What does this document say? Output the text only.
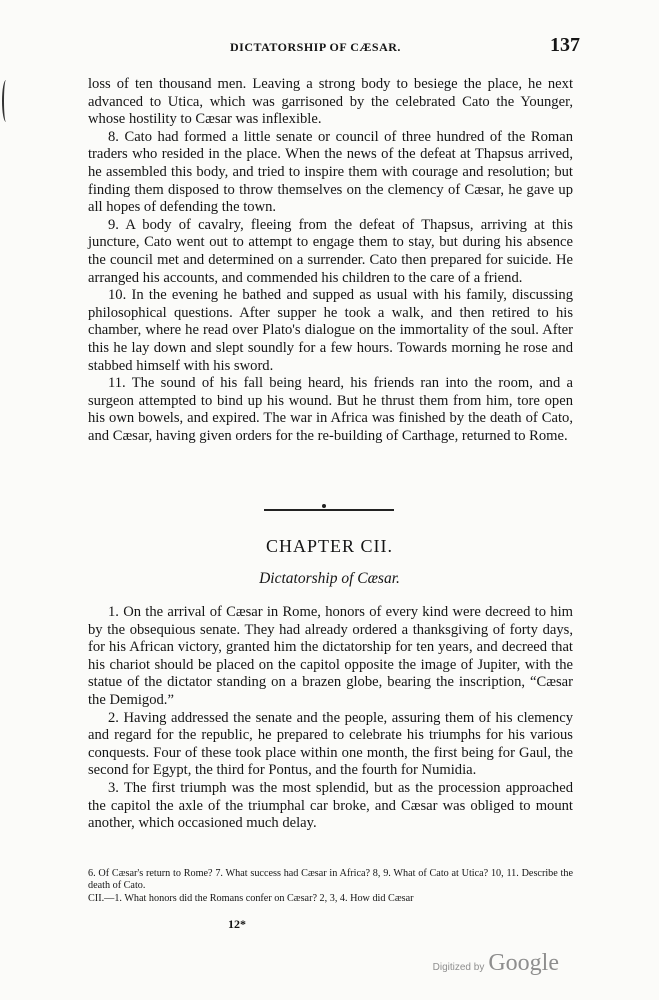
DICTATORSHIP OF CÆSAR.	137

loss of ten thousand men. Leaving a strong body to besiege the place, he next advanced to Utica, which was garrisoned by the celebrated Cato the Younger, whose hostility to Cæsar was inflexible.

8. Cato had formed a little senate or council of three hundred of the Roman traders who resided in the place. When the news of the defeat at Thapsus arrived, he assembled this body, and tried to inspire them with courage and resolution; but finding them disposed to throw themselves on the clemency of Cæsar, he gave up all hopes of defending the town.

9. A body of cavalry, fleeing from the defeat of Thapsus, arriving at this juncture, Cato went out to attempt to engage them to stay, but during his absence the council met and determined on a surrender. Cato then prepared for suicide. He arranged his accounts, and commended his children to the care of a friend.

10. In the evening he bathed and supped as usual with his family, discussing philosophical questions. After supper he took a walk, and then retired to his chamber, where he read over Plato's dialogue on the immortality of the soul. After this he lay down and slept soundly for a few hours. Towards morning he rose and stabbed himself with his sword.

11. The sound of his fall being heard, his friends ran into the room, and a surgeon attempted to bind up his wound. But he thrust them from him, tore open his own bowels, and expired. The war in Africa was finished by the death of Cato, and Cæsar, having given orders for the re-building of Carthage, returned to Rome.

CHAPTER CII.
Dictatorship of Cæsar.

1. On the arrival of Cæsar in Rome, honors of every kind were decreed to him by the obsequious senate. They had already ordered a thanksgiving of forty days, for his African victory, granted him the dictatorship for ten years, and decreed that his chariot should be placed on the capitol opposite the image of Jupiter, with the statue of the dictator standing on a brazen globe, bearing the inscription, “Cæsar the Demigod.”

2. Having addressed the senate and the people, assuring them of his clemency and regard for the republic, he prepared to celebrate his triumphs for his various conquests. Four of these took place within one month, the first being for Gaul, the second for Egypt, the third for Pontus, and the fourth for Numidia.

3. The first triumph was the most splendid, but as the procession approached the capitol the axle of the triumphal car broke, and Cæsar was obliged to mount another, which occasioned much delay.

6. Of Cæsar's return to Rome? 7. What success had Cæsar in Africa? 8, 9. What of Cato at Utica? 10, 11. Describe the death of Cato.

CII.—1. What honors did the Romans confer on Cæsar? 2, 3, 4. How did Cæsar

12*
Digitized by Google
